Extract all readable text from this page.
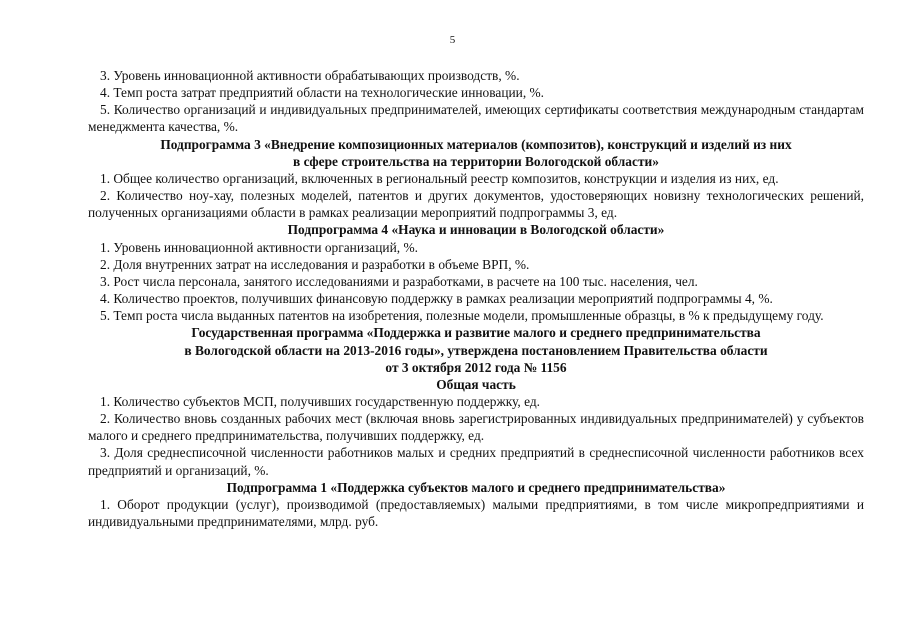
5

3. Уровень инновационной активности обрабатывающих производств, %.

4. Темп роста затрат предприятий области на технологические инновации, %.

5. Количество организаций и индивидуальных предпринимателей, имеющих сертификаты соответствия международным стандартам менеджмента качества, %.

Подпрограмма 3 «Внедрение композиционных материалов (композитов), конструкций и изделий из них

в сфере строительства на территории Вологодской области»

1. Общее количество организаций, включенных в региональный реестр композитов, конструкции и изделия из них, ед.

2. Количество ноу-хау, полезных моделей, патентов и других документов, удостоверяющих новизну технологических решений, полученных организациями области в рамках реализации мероприятий подпрограммы 3, ед.

Подпрограмма 4 «Наука и инновации в Вологодской области»

1. Уровень инновационной активности организаций, %.

2. Доля внутренних затрат на исследования и разработки в объеме ВРП, %.

3. Рост числа персонала, занятого исследованиями и разработками, в расчете на 100 тыс. населения, чел.

4. Количество проектов, получивших финансовую поддержку в рамках реализации мероприятий подпрограммы 4, %.

5. Темп роста числа выданных патентов на изобретения, полезные модели, промышленные образцы, в % к предыдущему году.

Государственная программа «Поддержка и развитие малого и среднего предпринимательства

в Вологодской области на 2013-2016 годы», утверждена постановлением Правительства области

от 3 октября 2012 года № 1156

Общая часть

1. Количество субъектов МСП, получивших государственную поддержку, ед.

2. Количество вновь созданных рабочих мест (включая вновь зарегистрированных индивидуальных предпринимателей) у субъектов малого и среднего предпринимательства, получивших поддержку, ед.

3. Доля среднесписочной численности работников малых и средних предприятий в среднесписочной численности работников всех предприятий и организаций, %.

Подпрограмма 1 «Поддержка субъектов малого и среднего предпринимательства»

1. Оборот продукции (услуг), производимой (предоставляемых) малыми предприятиями, в том числе микропредприятиями и индивидуальными предпринимателями, млрд. руб.
